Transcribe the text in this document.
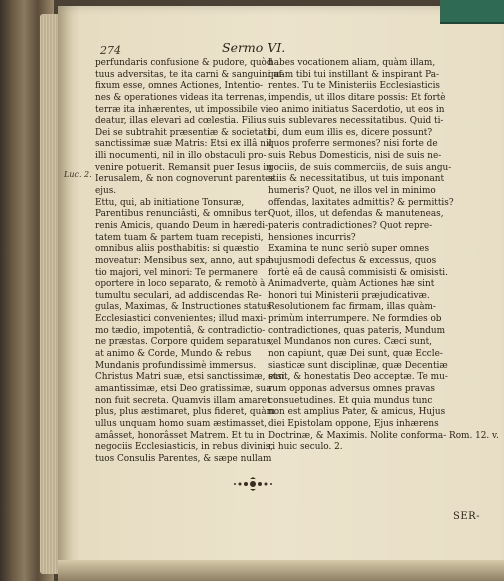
274	Sermo VI.
Luc. 2.
perfundaris confusione & pudore, quòd
tuus adversitas, te ita carni & sanguini af-
fixum esse, omnes Actiones, Intentio-
nes & operationes videas ita terrenas,
terræ ita inhærentes, ut impossibile vi-
deatur, illas elevari ad cœlestia. Filius
Dei se subtrahit præsentiæ & societati
sanctissimæ suæ Matris: Etsi ex illâ nil
illi nocumenti, nil in illo obstaculi pro-
venire potuerit. Remansit puer Iesus in
Ierusalem, & non cognoverunt parentes
ejus.
Ettu, qui, ab initiatione Tonsuræ,
Parentibus renunciâsti, & omnibus ter-
renis Amicis, quando Deum in hæredi-
tatem tuam & partem tuam recepisti,
omnibus aliis posthabitis: si quæstio
moveatur: Mensibus sex, anno, aut spa-
tio majori, vel minori: Te permanere
oportere in loco separato, & remotò à
tumultu seculari, ad addiscendas Re-
gulas, Maximas, & Instructiones status
Ecclesiastici convenientes; illud maxi-
mo tædio, impotentiâ, & contradictio-
ne præstas. Corpore quidem separatus,
at animo & Corde, Mundo & rebus
Mundanis profundissimè immersus.
Christus Matri suæ, etsi sanctissimæ, etsi
amantissimæ, etsi Deo gratissimæ, sua
non fuit secreta. Quamvis illam amaret
plus, plus æstimaret, plus fideret, quàm
ullus unquam homo suam æstimasset,
amâsset, honorâsset Matrem. Et tu in
negociis Ecclesiasticis, in rebus divinis,
tuos Consulis Parentes, & sæpe nullam
habes vocationem aliam, quàm illam,
quam tibi tui instillant & inspirant Pa-
rentes. Tu te Ministeriis Ecclesiasticis
impendis, ut illos ditare possis: Et fortè
eo animo initiatus Sacerdotio, ut eos in
suis sublevares necessitatibus. Quid ti-
bi, dum eum illis es, dicere possunt?
quos proferre sermones? nisi forte de
suis Rebus Domesticis, nisi de suis ne-
gociis, de suis commerciis, de suis angu-
stiis & necessitatibus, ut tuis imponant
humeris? Quot, ne illos vel in minimo
offendas, laxitates admittis? & permittis?
Quot, illos, ut defendas & manuteneas,
pateris contradictiones? Quot repre-
hensiones incurris?
Examina te nunc seriò super omnes
hujusmodi defectus & excessus, quos
fortè eâ de causâ commisisti & omisisti.
Animadverte, quàm Actiones hæ sint
honori tui Ministerii præjudicativæ.
Resolutionem fac firmam, illas quàm-
primùm interrumpere. Ne formdies ob
contradictiones, quas pateris, Mundum
vel Mundanos non cures. Cæci sunt,
non capiunt, quæ Dei sunt, quæ Eccle-
siasticæ sunt disciplinæ, quæ Decentiæ
sunt, & honestatis Deo acceptæ. Te mu-
rum opponas adversus omnes pravas
consuetudines. Et quia mundus tunc
non est amplius Pater, & amicus, Hujus
diei Epistolam oppone, Ejus inhærens
Doctrinæ, & Maximis. Nolite conforma- Rom. 12. v.
ri huic seculo. 2.
SER-
